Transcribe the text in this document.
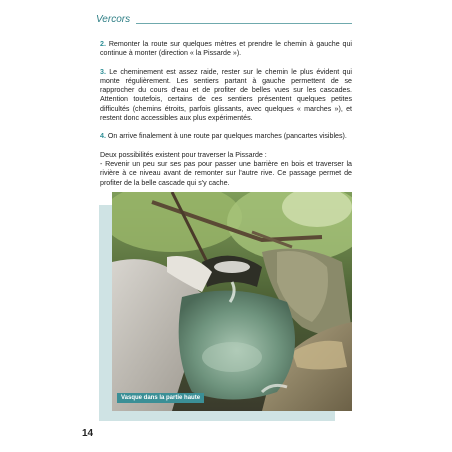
Vercors

2. Remonter la route sur quelques mètres et prendre le chemin à gauche qui continue à monter (direction « la Pissarde »).

3. Le cheminement est assez raide, rester sur le chemin le plus évident qui monte régulièrement. Les sentiers partant à gauche permettent de se rapprocher du cours d'eau et de profiter de belles vues sur les cascades. Attention toutefois, certains de ces sentiers présentent quelques petites difficultés (chemins étroits, parfois glissants, avec quelques « marches »), et restent donc accessibles aux plus expérimentés.

4. On arrive finalement à une route par quelques marches (pancartes visibles).

Deux possibilités existent pour traverser la Pissarde :

- Revenir un peu sur ses pas pour passer une barrière en bois et traverser la rivière à ce niveau avant de remonter sur l'autre rive. Ce passage permet de profiter de la belle cascade qui s'y cache.

Vasque dans la partie haute
14
